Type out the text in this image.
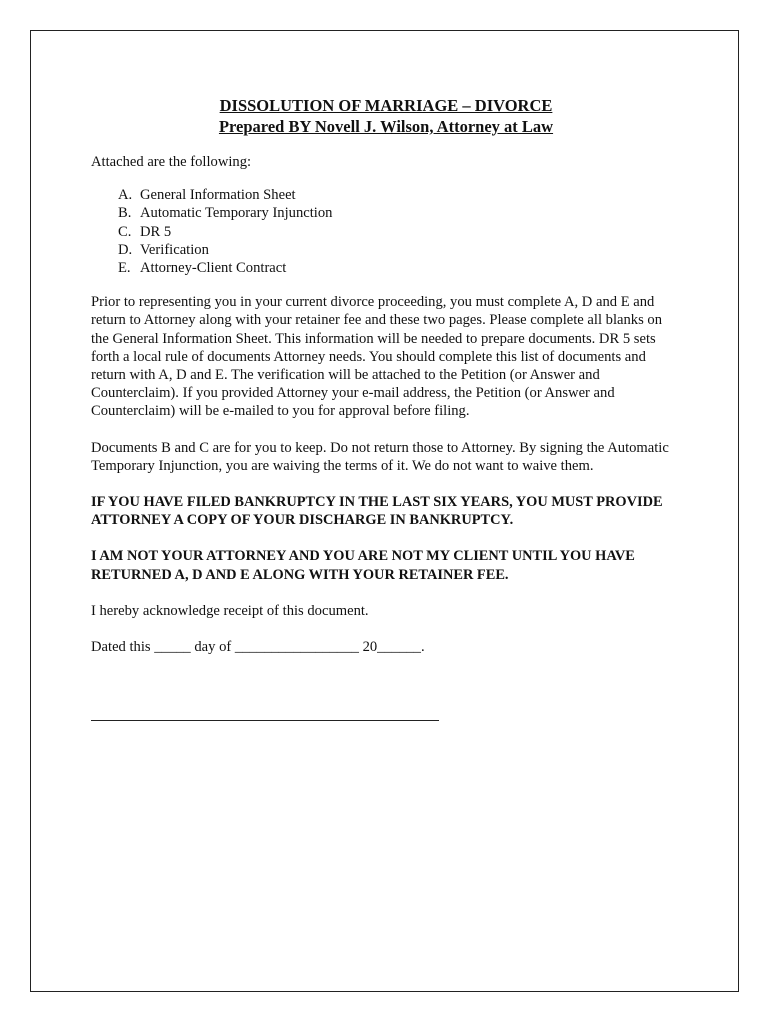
DISSOLUTION OF MARRIAGE – DIVORCE
Prepared BY Novell J. Wilson, Attorney at Law

Attached are the following:

A. General Information Sheet
B. Automatic Temporary Injunction
C. DR 5
D. Verification
E. Attorney-Client Contract

Prior to representing you in your current divorce proceeding, you must complete A, D and E and return to Attorney along with your retainer fee and these two pages. Please complete all blanks on the General Information Sheet. This information will be needed to prepare documents. DR 5 sets forth a local rule of documents Attorney needs. You should complete this list of documents and return with A, D and E. The verification will be attached to the Petition (or Answer and Counterclaim). If you provided Attorney your e-mail address, the Petition (or Answer and Counterclaim) will be e-mailed to you for approval before filing.

Documents B and C are for you to keep. Do not return those to Attorney. By signing the Automatic Temporary Injunction, you are waiving the terms of it. We do not want to waive them.

IF YOU HAVE FILED BANKRUPTCY IN THE LAST SIX YEARS, YOU MUST PROVIDE ATTORNEY A COPY OF YOUR DISCHARGE IN BANKRUPTCY.

I AM NOT YOUR ATTORNEY AND YOU ARE NOT MY CLIENT UNTIL YOU HAVE RETURNED A, D AND E ALONG WITH YOUR RETAINER FEE.

I hereby acknowledge receipt of this document.

Dated this _____ day of _________________ 20______.
